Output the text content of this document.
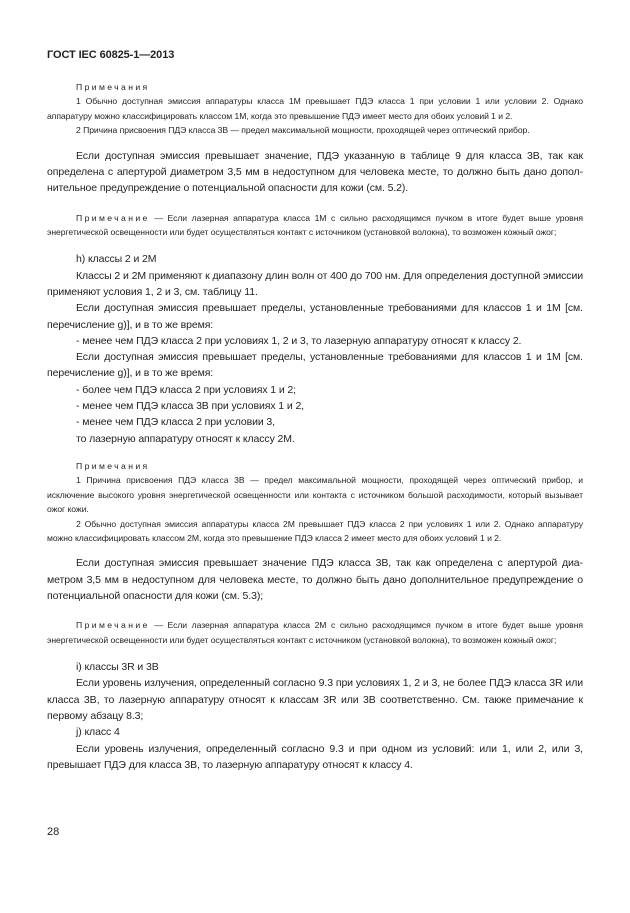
ГОСТ IEC 60825-1—2013

Примечания

1 Обычно доступная эмиссия аппаратуры класса 1М превышает ПДЭ класса 1 при условии 1 или условии 2. Однако аппаратуру можно классифицировать классом 1М, когда это превышение ПДЭ имеет место для обоих условий 1 и 2.

2 Причина присвоения ПДЭ класса 3В — предел максимальной мощности, проходящей через оптический прибор.

Если доступная эмиссия превышает значение, ПДЭ указанную в таблице 9 для класса 3В, так как определена с апертурой диаметром 3,5 мм в недоступном для человека месте, то должно быть дано дополнительное предупреждение о потенциальной опасности для кожи (см. 5.2).

Примечание — Если лазерная аппаратура класса 1М с сильно расходящимся пучком в итоге будет выше уровня энергетической освещенности или будет осуществляться контакт с источником (установкой волокна), то возможен кожный ожог;

h) классы 2 и 2М

Классы 2 и 2М применяют к диапазону длин волн от 400 до 700 нм. Для определения доступной эмиссии применяют условия 1, 2 и 3, см. таблицу 11.

Если доступная эмиссия превышает пределы, установленные требованиями для классов 1 и 1М [см. перечисление g)], и в то же время:

- менее чем ПДЭ класса 2 при условиях 1, 2 и 3, то лазерную аппаратуру относят к классу 2.

Если доступная эмиссия превышает пределы, установленные требованиями для классов 1 и 1М [см. перечисление g)], и в то же время:

- более чем ПДЭ класса 2 при условиях 1 и 2;

- менее чем ПДЭ класса 3В при условиях 1 и 2,

- менее чем ПДЭ класса 2 при условии 3,

то лазерную аппаратуру относят к классу 2М.

Примечания

1 Причина присвоения ПДЭ класса 3В — предел максимальной мощности, проходящей через оптический прибор, и исключение высокого уровня энергетической освещенности или контакта с источником большой расходимости, который вызывает ожог кожи.

2 Обычно доступная эмиссия аппаратуры класса 2М превышает ПДЭ класса 2 при условиях 1 или 2. Однако аппаратуру можно классифицировать классом 2М, когда это превышение ПДЭ класса 2 имеет место для обоих условий 1 и 2.

Если доступная эмиссия превышает значение ПДЭ класса 3В, так как определена с апертурой диаметром 3,5 мм в недоступном для человека месте, то должно быть дано дополнительное предупреждение о потенциальной опасности для кожи (см. 5.3);

Примечание — Если лазерная аппаратура класса 2М с сильно расходящимся пучком в итоге будет выше уровня энергетической освещенности или будет осуществляться контакт с источником (установкой волокна), то возможен кожный ожог;

i) классы 3R и 3В

Если уровень излучения, определенный согласно 9.3 при условиях 1, 2 и 3, не более ПДЭ класса 3R или класса 3В, то лазерную аппаратуру относят к классам 3R или 3В соответственно. См. также примечание к первому абзацу 8.3;

j) класс 4

Если уровень излучения, определенный согласно 9.3 и при одном из условий: или 1, или 2, или 3, превышает ПДЭ для класса 3В, то лазерную аппаратуру относят к классу 4.

28
